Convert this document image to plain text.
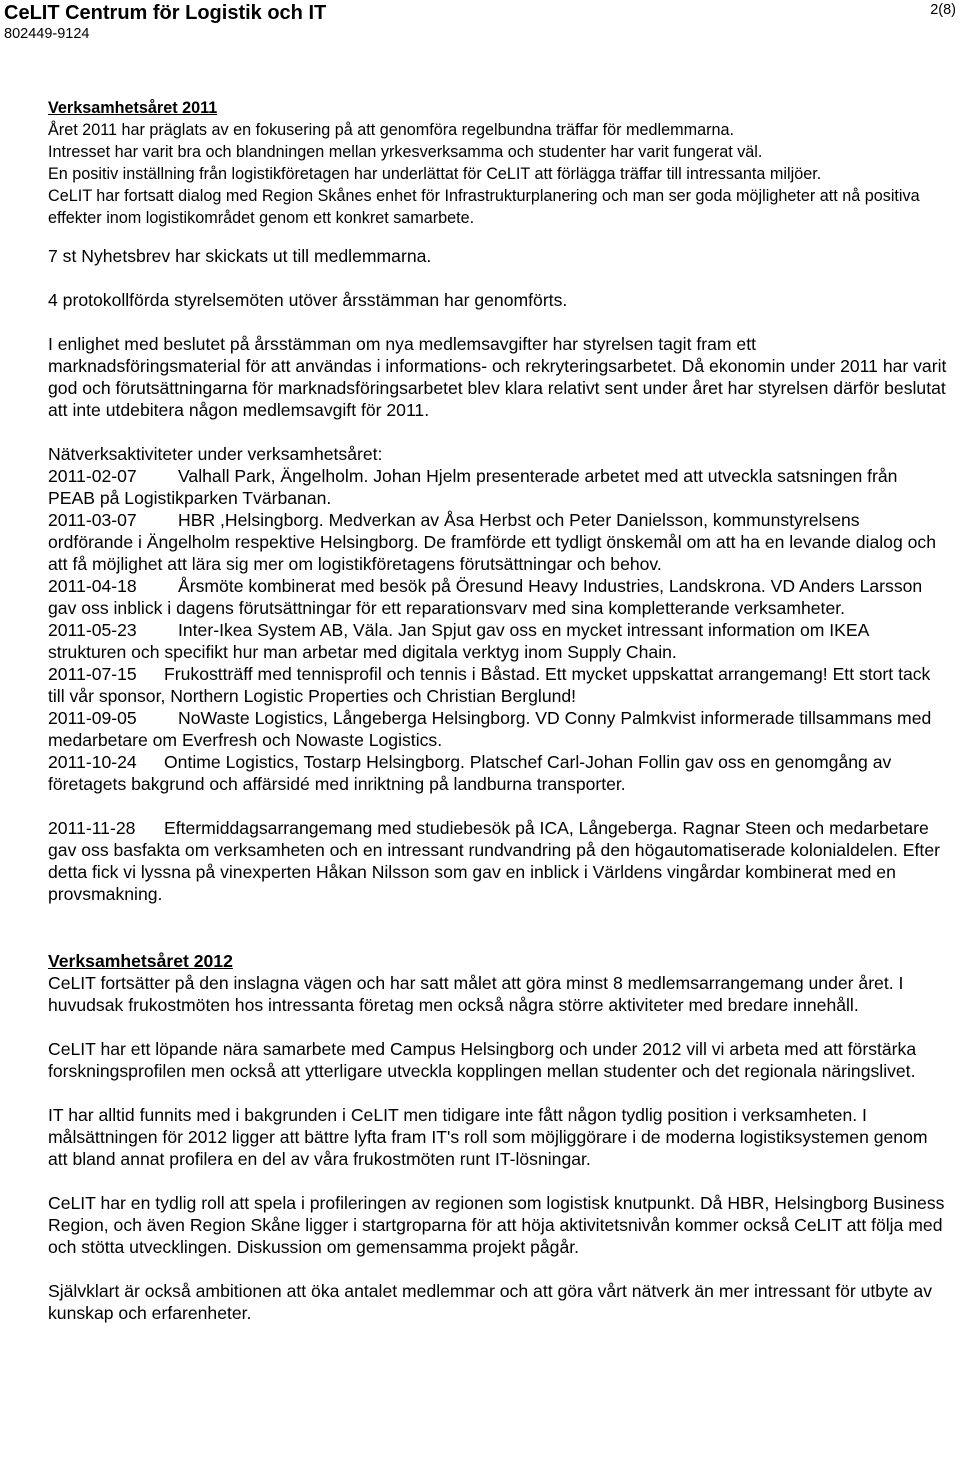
CeLIT Centrum för Logistik och IT
802449-9124
2(8)

Verksamhetsåret 2011

Året 2011 har präglats av en fokusering på att genomföra regelbundna träffar för medlemmarna.

Intresset har varit bra och blandningen mellan yrkesverksamma och studenter har varit fungerat väl.

En positiv inställning från logistikföretagen har underlättat för CeLIT att förlägga träffar till intressanta miljöer.

CeLIT har fortsatt dialog med Region Skånes enhet för Infrastrukturplanering och man ser goda möjligheter att nå positiva effekter inom logistikområdet genom ett konkret samarbete.

7 st Nyhetsbrev har skickats ut till medlemmarna.

4 protokollförda styrelsemöten utöver årsstämman har genomförts.

I enlighet med beslutet på årsstämman om nya medlemsavgifter har styrelsen tagit fram ett marknadsföringsmaterial för att användas i informations- och rekryteringsarbetet. Då ekonomin under 2011 har varit god och förutsättningarna för marknadsföringsarbetet blev klara relativt sent under året har styrelsen därför beslutat att inte utdebitera någon medlemsavgift för 2011.

Nätverksaktiviteter under verksamhetsåret:

2011-02-07 Valhall Park, Ängelholm. Johan Hjelm presenterade arbetet med att utveckla satsningen från PEAB på Logistikparken Tvärbanan.

2011-03-07 HBR ,Helsingborg. Medverkan av Åsa Herbst och Peter Danielsson, kommunstyrelsens ordförande i Ängelholm respektive Helsingborg. De framförde ett tydligt önskemål om att ha en levande dialog och att få möjlighet att lära sig mer om logistikföretagens förutsättningar och behov.

2011-04-18 Årsmöte kombinerat med besök på Öresund Heavy Industries, Landskrona. VD Anders Larsson gav oss inblick i dagens förutsättningar för ett reparationsvarv med sina kompletterande verksamheter.

2011-05-23 Inter-Ikea System AB, Väla. Jan Spjut gav oss en mycket intressant information om IKEA strukturen och specifikt hur man arbetar med digitala verktyg inom Supply Chain.

2011-07-15 Frukostträff med tennisprofil och tennis i Båstad. Ett mycket uppskattat arrangemang! Ett stort tack till vår sponsor, Northern Logistic Properties och Christian Berglund!

2011-09-05 NoWaste Logistics, Långeberga Helsingborg. VD Conny Palmkvist informerade tillsammans med medarbetare om Everfresh och Nowaste Logistics.

2011-10-24 Ontime Logistics, Tostarp Helsingborg. Platschef Carl-Johan Follin gav oss en genomgång av företagets bakgrund och affärsidé med inriktning på landburna transporter.

2011-11-28 Eftermiddagsarrangemang med studiebesök på ICA, Långeberga. Ragnar Steen och medarbetare gav oss basfakta om verksamheten och en intressant rundvandring på den högautomatiserade kolonialdelen. Efter detta fick vi lyssna på vinexperten Håkan Nilsson som gav en inblick i Världens vingårdar kombinerat med en provsmakning.

Verksamhetsåret 2012

CeLIT fortsätter på den inslagna vägen och har satt målet att göra minst 8 medlemsarrangemang under året. I huvudsak frukostmöten hos intressanta företag men också några större aktiviteter med bredare innehåll.

CeLIT har ett löpande nära samarbete med Campus Helsingborg och under 2012 vill vi arbeta med att förstärka forskningsprofilen men också att ytterligare utveckla kopplingen mellan studenter och det regionala näringslivet.

IT har alltid funnits med i bakgrunden i CeLIT men tidigare inte fått någon tydlig position i verksamheten. I målsättningen för 2012 ligger att bättre lyfta fram IT's roll som möjliggörare i de moderna logistiksystemen genom att bland annat profilera en del av våra frukostmöten runt IT-lösningar.

CeLIT har en tydlig roll att spela i profileringen av regionen som logistisk knutpunkt. Då HBR, Helsingborg Business Region, och även Region Skåne ligger i startgroparna för att höja aktivitetsnivån kommer också CeLIT att följa med och stötta utvecklingen. Diskussion om gemensamma projekt pågår.

Självklart är också ambitionen att öka antalet medlemmar och att göra vårt nätverk än mer intressant för utbyte av kunskap och erfarenheter.
